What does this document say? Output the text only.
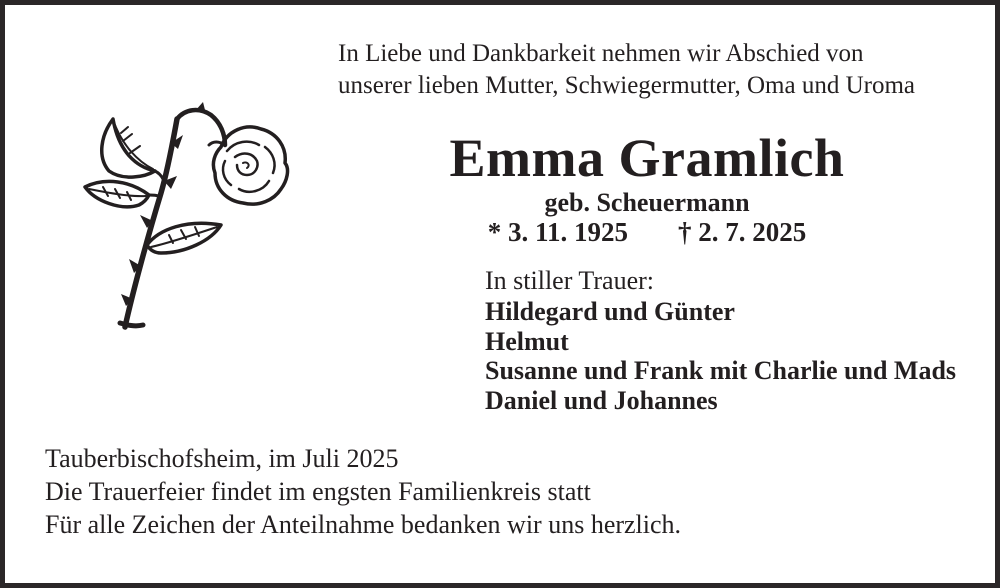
In Liebe und Dankbarkeit nehmen wir Abschied von
unserer lieben Mutter, Schwiegermutter, Oma und Uroma
Emma Gramlich
geb. Scheuermann
* 3. 11. 1925 † 2. 7. 2025
In stiller Trauer:
Hildegard und Günter
Helmut
Susanne und Frank mit Charlie und Mads
Daniel und Johannes
Tauberbischofsheim, im Juli 2025
Die Trauerfeier findet im engsten Familienkreis statt
Für alle Zeichen der Anteilnahme bedanken wir uns herzlich.
